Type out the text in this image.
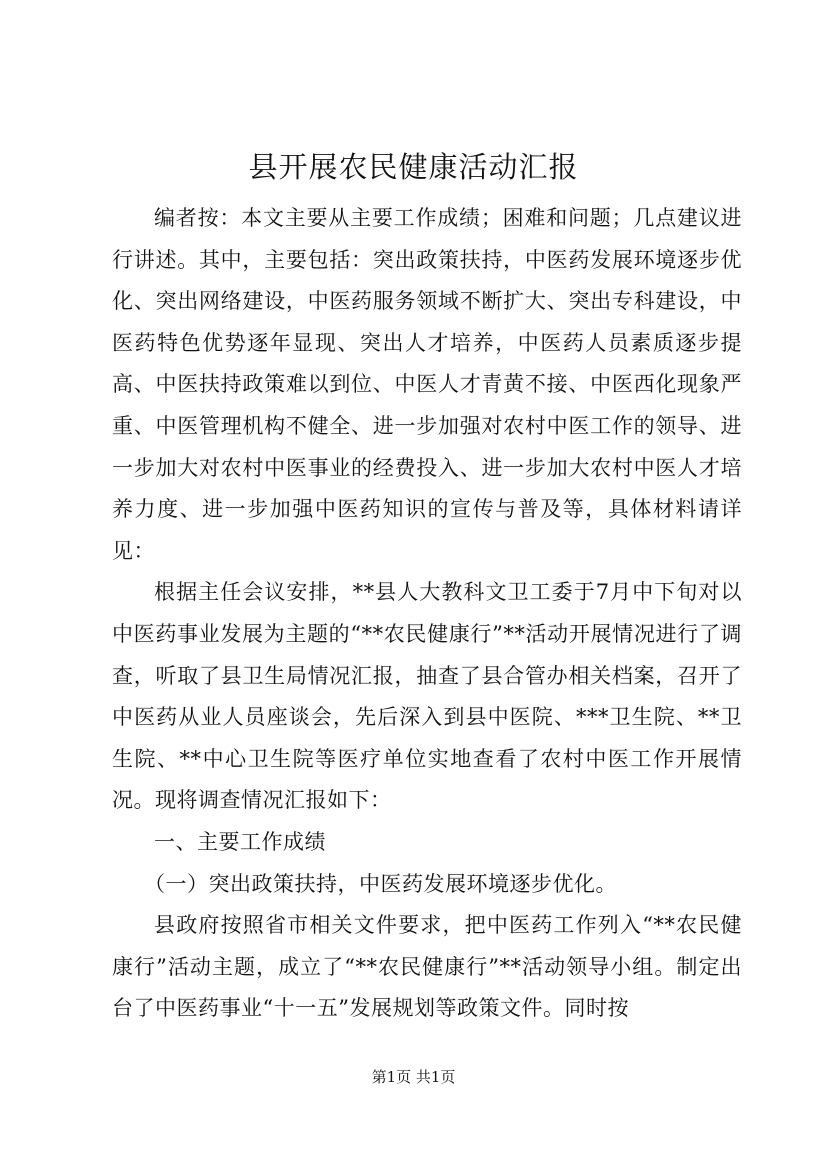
县开展农民健康活动汇报

编者按：本文主要从主要工作成绩；困难和问题；几点建议进行讲述。其中，主要包括：突出政策扶持，中医药发展环境逐步优化、突出网络建设，中医药服务领域不断扩大、突出专科建设，中医药特色优势逐年显现、突出人才培养，中医药人员素质逐步提高、中医扶持政策难以到位、中医人才青黄不接、中医西化现象严重、中医管理机构不健全、进一步加强对农村中医工作的领导、进一步加大对农村中医事业的经费投入、进一步加大农村中医人才培养力度、进一步加强中医药知识的宣传与普及等，具体材料请详见：

根据主任会议安排，**县人大教科文卫工委于7月中下旬对以中医药事业发展为主题的“**农民健康行”**活动开展情况进行了调查，听取了县卫生局情况汇报，抽查了县合管办相关档案，召开了中医药从业人员座谈会，先后深入到县中医院、***卫生院、**卫生院、**中心卫生院等医疗单位实地查看了农村中医工作开展情况。现将调查情况汇报如下：

一、主要工作成绩

（一）突出政策扶持，中医药发展环境逐步优化。

县政府按照省市相关文件要求，把中医药工作列入“**农民健康行”活动主题，成立了“**农民健康行”**活动领导小组。制定出台了中医药事业“十一五”发展规划等政策文件。同时按

第1页 共1页
